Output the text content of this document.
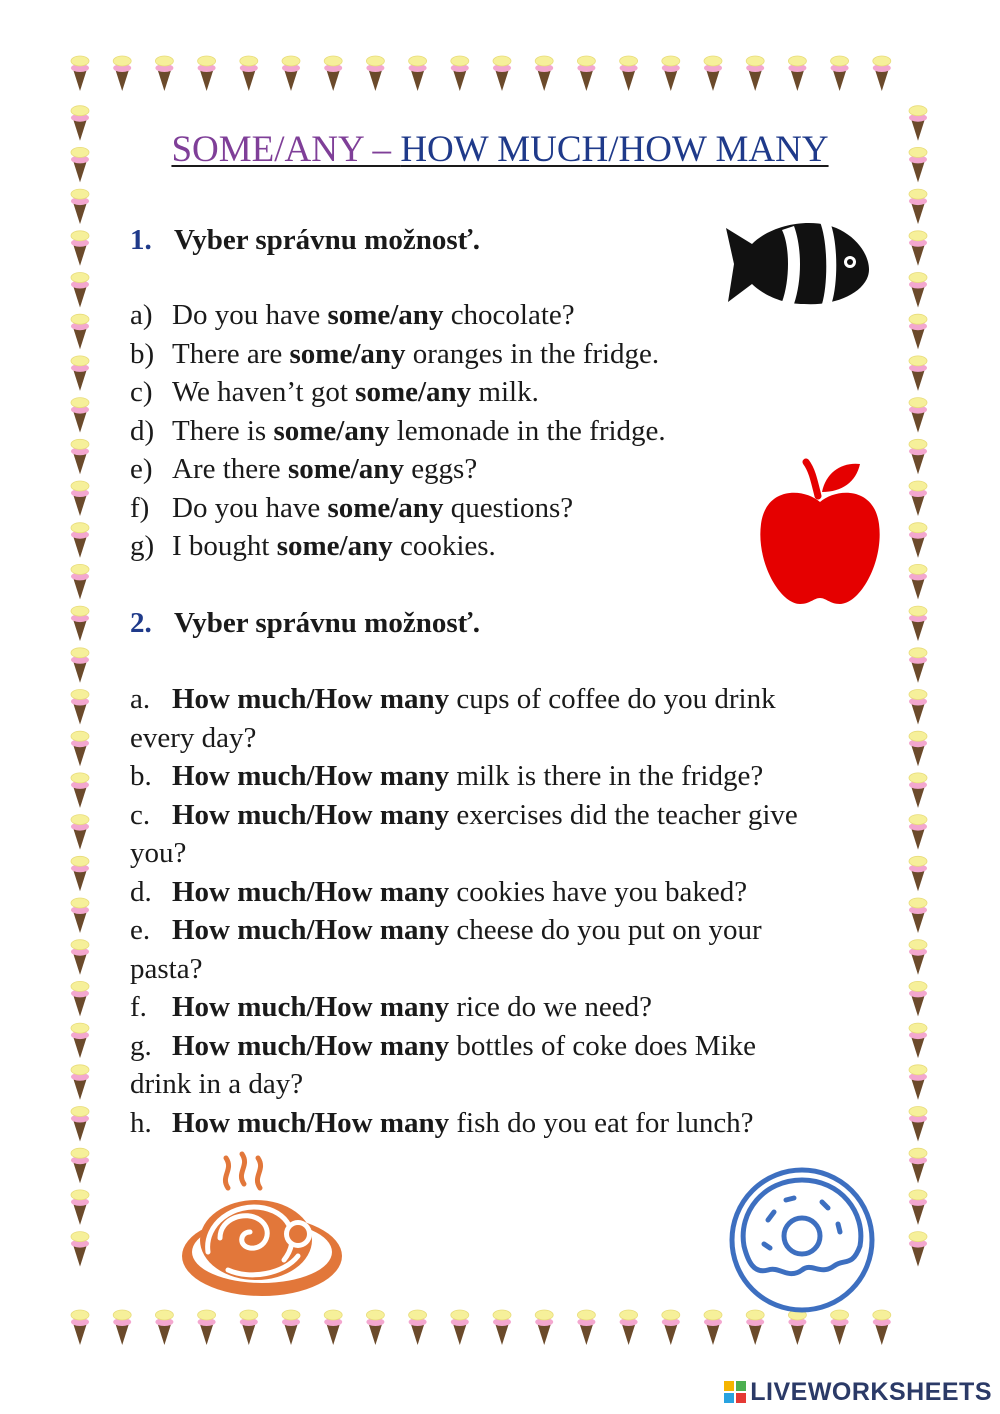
SOME/ANY – HOW MUCH/HOW MANY
1. Vyber správnu možnosť.
a) Do you have some/any chocolate?
b) There are some/any oranges in the fridge.
c) We haven’t got some/any milk.
d) There is some/any lemonade in the fridge.
e) Are there some/any eggs?
f) Do you have some/any questions?
g) I bought some/any cookies.
2. Vyber správnu možnosť.
a. How much/How many cups of coffee do you drink
every day?
b. How much/How many milk is there in the fridge?
c. How much/How many exercises did the teacher give
you?
d. How much/How many cookies have you baked?
e. How much/How many cheese do you put on your
pasta?
f. How much/How many rice do we need?
g. How much/How many bottles of coke does Mike
drink in a day?
h. How much/How many fish do you eat for lunch?
LIVEWORKSHEETS
